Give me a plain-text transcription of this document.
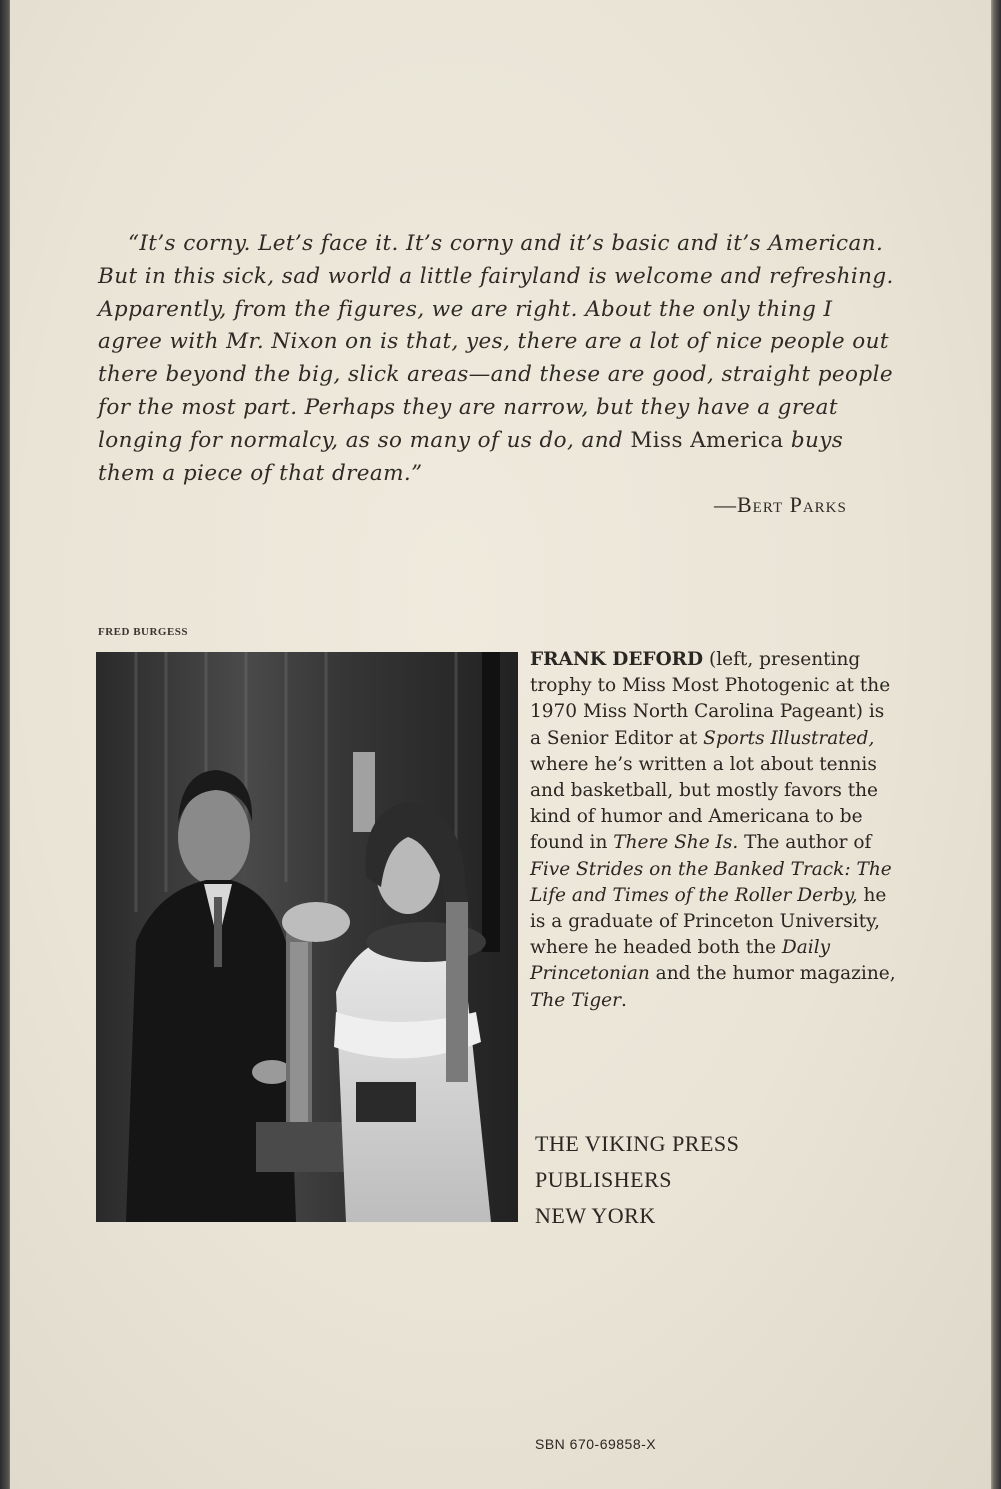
“It’s corny. Let’s face it. It’s corny and it’s basic and it’s American. But in this sick, sad world a little fairyland is welcome and refreshing. Apparently, from the figures, we are right. About the only thing I agree with Mr. Nixon on is that, yes, there are a lot of nice people out there beyond the big, slick areas—and these are good, straight people for the most part. Perhaps they are narrow, but they have a great longing for normalcy, as so many of us do, and Miss America buys them a piece of that dream.”

—Bert Parks
FRED BURGESS
FRANK DEFORD (left, presenting trophy to Miss Most Photogenic at the 1970 Miss North Carolina Pageant) is a Senior Editor at Sports Illustrated, where he’s written a lot about tennis and basketball, but mostly favors the kind of humor and Americana to be found in There She Is. The author of Five Strides on the Banked Track: The Life and Times of the Roller Derby, he is a graduate of Princeton University, where he headed both the Daily Princetonian and the humor magazine, The Tiger.
THE VIKING PRESS
PUBLISHERS
NEW YORK
SBN 670-69858-X
